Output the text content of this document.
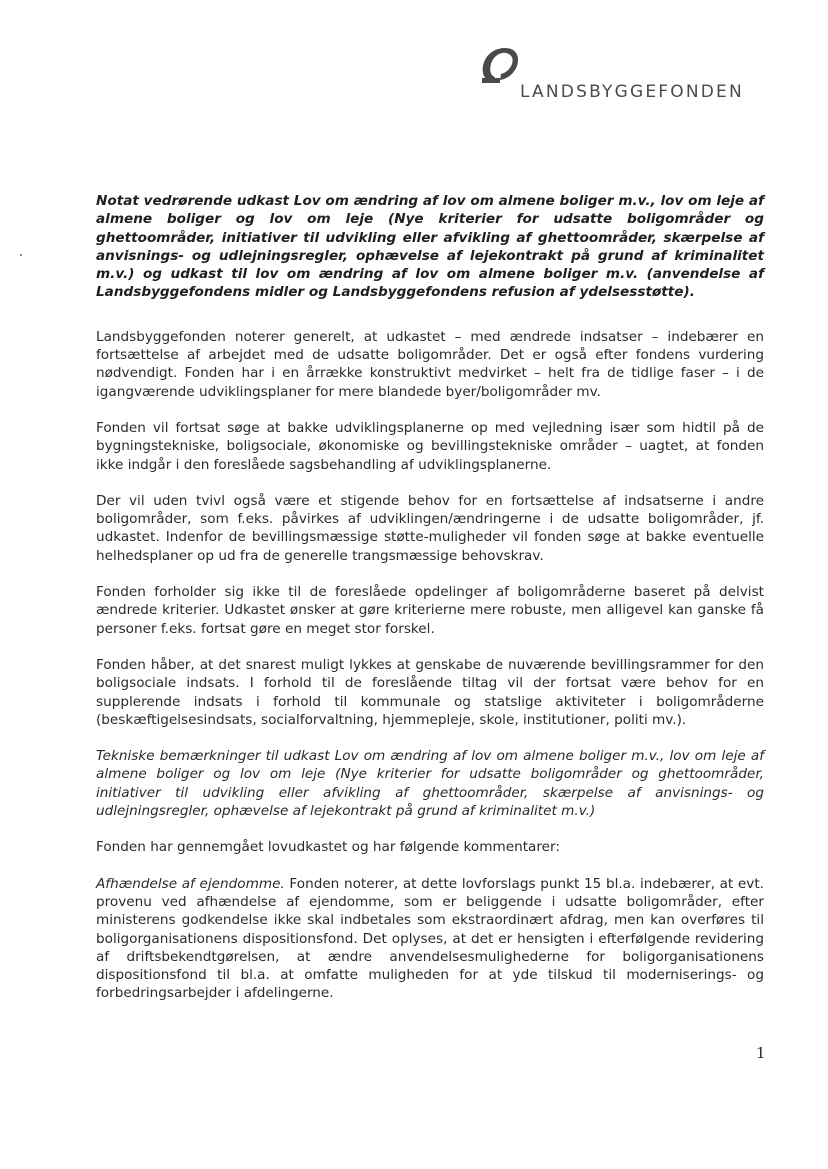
LANDSBYGGEFONDEN

Notat vedrørende udkast Lov om ændring af lov om almene boliger m.v., lov om leje af almene boliger og lov om leje (Nye kriterier for udsatte boligområder og ghettoområder, initiativer til udvikling eller afvikling af ghettoområder, skærpelse af anvisnings- og udlejningsregler, ophævelse af lejekontrakt på grund af kriminalitet m.v.) og udkast til lov om ændring af lov om almene boliger m.v. (anvendelse af Landsbyggefondens midler og Landsbyggefondens refusion af ydelsesstøtte).

Landsbyggefonden noterer generelt, at udkastet – med ændrede indsatser – indebærer en fortsættelse af arbejdet med de udsatte boligområder. Det er også efter fondens vurdering nødvendigt. Fonden har i en årrække konstruktivt medvirket – helt fra de tidlige faser – i de igangværende udviklingsplaner for mere blandede byer/boligområder mv.

Fonden vil fortsat søge at bakke udviklingsplanerne op med vejledning især som hidtil på de bygningstekniske, boligsociale, økonomiske og bevillingstekniske områder – uagtet, at fonden ikke indgår i den foreslåede sagsbehandling af udviklingsplanerne.

Der vil uden tvivl også være et stigende behov for en fortsættelse af indsatserne i andre boligområder, som f.eks. påvirkes af udviklingen/ændringerne i de udsatte boligområder, jf. udkastet. Indenfor de bevillingsmæssige støtte-muligheder vil fonden søge at bakke eventuelle helhedsplaner op ud fra de generelle trangsmæssige behovskrav.

Fonden forholder sig ikke til de foreslåede opdelinger af boligområderne baseret på delvist ændrede kriterier. Udkastet ønsker at gøre kriterierne mere robuste, men alligevel kan ganske få personer f.eks. fortsat gøre en meget stor forskel.

Fonden håber, at det snarest muligt lykkes at genskabe de nuværende bevillingsrammer for den boligsociale indsats. I forhold til de foreslående tiltag vil der fortsat være behov for en supplerende indsats i forhold til kommunale og statslige aktiviteter i boligområderne (beskæftigelsesindsats, socialforvaltning, hjemmepleje, skole, institutioner, politi mv.).

Tekniske bemærkninger til udkast Lov om ændring af lov om almene boliger m.v., lov om leje af almene boliger og lov om leje (Nye kriterier for udsatte boligområder og ghettoområder, initiativer til udvikling eller afvikling af ghettoområder, skærpelse af anvisnings- og udlejningsregler, ophævelse af lejekontrakt på grund af kriminalitet m.v.)

Fonden har gennemgået lovudkastet og har følgende kommentarer:

Afhændelse af ejendomme. Fonden noterer, at dette lovforslags punkt 15 bl.a. indebærer, at evt. provenu ved afhændelse af ejendomme, som er beliggende i udsatte boligområder, efter ministerens godkendelse ikke skal indbetales som ekstraordinært afdrag, men kan overføres til boligorganisationens dispositionsfond. Det oplyses, at det er hensigten i efterfølgende revidering af driftsbekendtgørelsen, at ændre anvendelsesmulighederne for boligorganisationens dispositionsfond til bl.a. at omfatte muligheden for at yde tilskud til moderniserings- og forbedringsarbejder i afdelingerne.

1
